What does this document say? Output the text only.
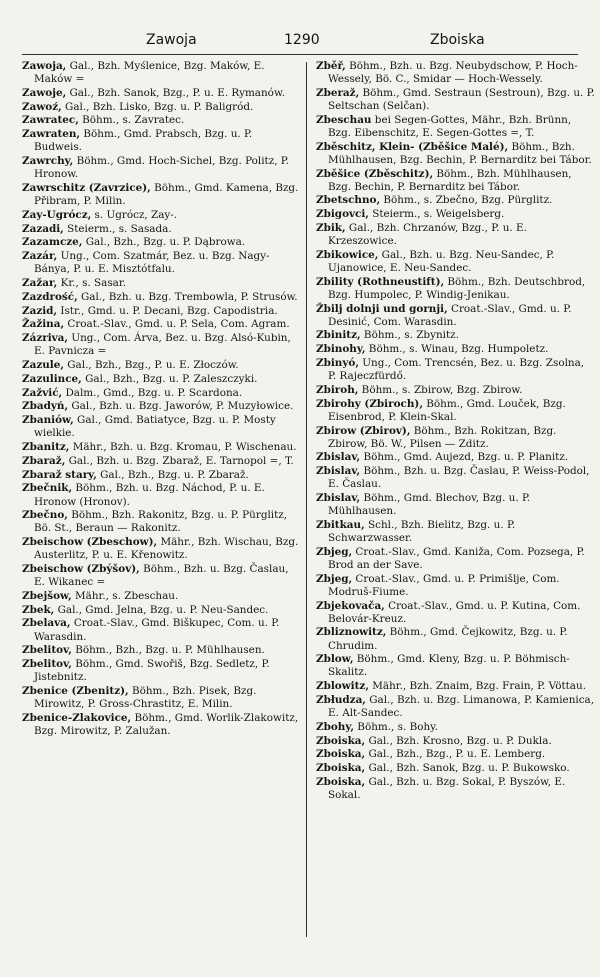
Zawoja	1290	Zboiska
Zawoja, Gal., Bzh. Myślenice, Bzg. Maków, E. Maków =
Zawoje, Gal., Bzh. Sanok, Bzg., P. u. E. Rymanów.
Zawoź, Gal., Bzh. Lisko, Bzg. u. P. Baligród.
Zawratec, Böhm., s. Zavratec.
Zawraten, Böhm., Gmd. Prabsch, Bzg. u. P. Budweis.
Zawrchy, Böhm., Gmd. Hoch-Sichel, Bzg. Politz, P. Hronow.
Zawrschitz (Zavrzice), Böhm., Gmd. Kamena, Bzg. Přibram, P. Milin.
Zay-Ugrócz, s. Ugrócz, Zay-.
Zazadi, Steierm., s. Sasada.
Zazamcze, Gal., Bzh., Bzg. u. P. Dąbrowa.
Zazár, Ung., Com. Szatmár, Bez. u. Bzg. Nagy-Bánya, P. u. E. Misztótfalu.
Zažar, Kr., s. Sasar.
Zazdrość, Gal., Bzh. u. Bzg. Trembowla, P. Strusów.
Zazid, Istr., Gmd. u. P. Decani, Bzg. Capodistria.
Žažina, Croat.-Slav., Gmd. u. P. Sela, Com. Agram.
Zázriva, Ung., Com. Árva, Bez. u. Bzg. Alsó-Kubin, E. Pavnicza =
Zazule, Gal., Bzh., Bzg., P. u. E. Złoczów.
Zazulince, Gal., Bzh., Bzg. u. P. Zaleszczyki.
Zažvić, Dalm., Gmd., Bzg. u. P. Scardona.
Zbadyń, Gal., Bzh. u. Bzg. Jaworów, P. Muzyłowice.
Zbaniów, Gal., Gmd. Batiatyce, Bzg. u. P. Mosty wielkie.
Zbanitz, Mähr., Bzh. u. Bzg. Kromau, P. Wischenau.
Zbaraž, Gal., Bzh. u. Bzg. Zbaraž, E. Tarnopol =, T.
Zbaraž stary, Gal., Bzh., Bzg. u. P. Zbaraž.
Zbečnik, Böhm., Bzh. u. Bzg. Náchod, P. u. E. Hronow (Hronov).
Zbečno, Böhm., Bzh. Rakonitz, Bzg. u. P. Pürglitz, Bö. St., Beraun — Rakonitz.
Zbeischow (Zbeschow), Mähr., Bzh. Wischau, Bzg. Austerlitz, P. u. E. Křenowitz.
Zbeischow (Zbýšov), Böhm., Bzh. u. Bzg. Časlau, E. Wikanec =
Zbejšow, Mähr., s. Zbeschau.
Zbek, Gal., Gmd. Jelna, Bzg. u. P. Neu-Sandec.
Zbelava, Croat.-Slav., Gmd. Biškupec, Com. u. P. Warasdin.
Zbelitov, Böhm., Bzh., Bzg. u. P. Mühlhausen.
Zbelitov, Böhm., Gmd. Swořiš, Bzg. Sedletz, P. Jistebnitz.
Zbenice (Zbenitz), Böhm., Bzh. Pisek, Bzg. Mirowitz, P. Gross-Chrastitz, E. Milin.
Zbenice-Zlakovice, Böhm., Gmd. Worlik-Zlakowitz, Bzg. Mirowitz, P. Zalužan.
Zběř, Böhm., Bzh. u. Bzg. Neubydschow, P. Hoch-Wessely, Bö. C., Smidar — Hoch-Wessely.
Zberaž, Böhm., Gmd. Sestraun (Sestroun), Bzg. u. P. Seltschan (Selčan).
Zbeschau bei Segen-Gottes, Mähr., Bzh. Brünn, Bzg. Eibenschitz, E. Segen-Gottes =, T.
Zběschitz, Klein- (Zběšice Malé), Böhm., Bzh. Mühlhausen, Bzg. Bechin, P. Bernarditz bei Tábor.
Zběšice (Zběschitz), Böhm., Bzh. Mühlhausen, Bzg. Bechin, P. Bernarditz bei Tábor.
Zbetschno, Böhm., s. Zbečno, Bzg. Pürglitz.
Zbigovci, Steierm., s. Weigelsberg.
Zbik, Gal., Bzh. Chrzanów, Bzg., P. u. E. Krzeszowice.
Zbikowice, Gal., Bzh. u. Bzg. Neu-Sandec, P. Ujanowice, E. Neu-Sandec.
Zbility (Rothneustift), Böhm., Bzh. Deutschbrod, Bzg. Humpolec, P. Windig-Jenikau.
Žbilj dolnji und gornji, Croat.-Slav., Gmd. u. P. Desinić, Com. Warasdin.
Zbinitz, Böhm., s. Zbynitz.
Zbinohy, Böhm., s. Winau, Bzg. Humpoletz.
Zbinyó, Ung., Com. Trencsén, Bez. u. Bzg. Zsolna, P. Rajeczfürdő.
Zbiroh, Böhm., s. Zbirow, Bzg. Zbirow.
Zbirohy (Zbiroch), Böhm., Gmd. Louček, Bzg. Eisenbrod, P. Klein-Skal.
Zbirow (Zbirov), Böhm., Bzh. Rokitzan, Bzg. Zbirow, Bö. W., Pilsen — Zditz.
Zbislav, Böhm., Gmd. Aujezd, Bzg. u. P. Planitz.
Zbislav, Böhm., Bzh. u. Bzg. Časlau, P. Weiss-Podol, E. Časlau.
Zbislav, Böhm., Gmd. Blechov, Bzg. u. P. Mühlhausen.
Zbitkau, Schl., Bzh. Bielitz, Bzg. u. P. Schwarzwasser.
Zbjeg, Croat.-Slav., Gmd. Kaniža, Com. Pozsega, P. Brod an der Save.
Zbjeg, Croat.-Slav., Gmd. u. P. Primišlje, Com. Modruš-Fiume.
Zbjekovača, Croat.-Slav., Gmd. u. P. Kutina, Com. Belovár-Kreuz.
Zbliznowitz, Böhm., Gmd. Čejkowitz, Bzg. u. P. Chrudim.
Zblow, Böhm., Gmd. Kleny, Bzg. u. P. Böhmisch-Skalitz.
Zblowitz, Mähr., Bzh. Znaim, Bzg. Frain, P. Vöttau.
Zbłudza, Gal., Bzh. u. Bzg. Limanowa, P. Kamienica, E. Alt-Sandec.
Zbohy, Böhm., s. Bohy.
Zboiska, Gal., Bzh. Krosno, Bzg. u. P. Dukla.
Zboiska, Gal., Bzh., Bzg., P. u. E. Lemberg.
Zboiska, Gal., Bzh. Sanok, Bzg. u. P. Bukowsko.
Zboiska, Gal., Bzh. u. Bzg. Sokal, P. Byszów, E. Sokal.
